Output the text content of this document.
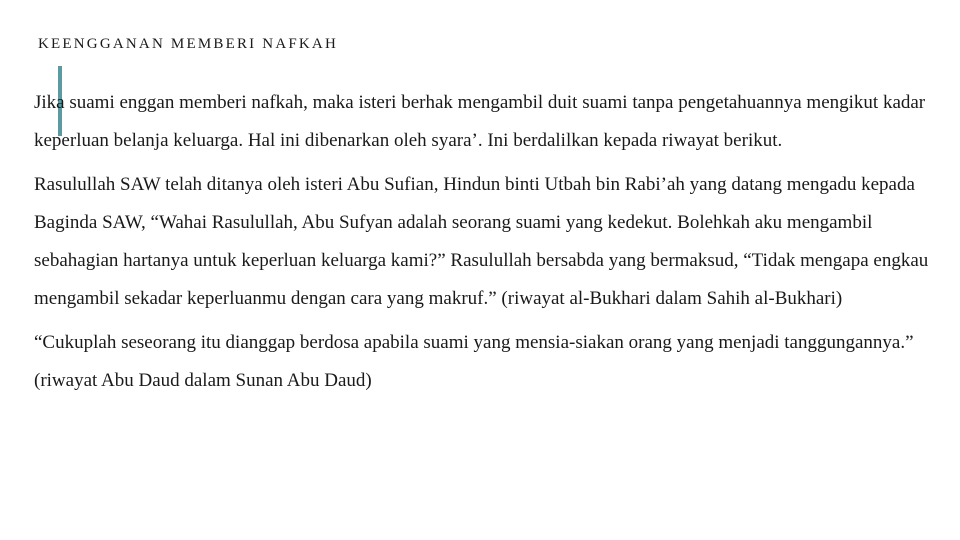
KEENGGANAN MEMBERI NAFKAH

Jika suami enggan memberi nafkah, maka isteri berhak mengambil duit suami tanpa pengetahuannya mengikut kadar keperluan belanja keluarga. Hal ini dibenarkan oleh syara’. Ini berdalilkan kepada riwayat berikut.

Rasulullah SAW telah ditanya oleh isteri Abu Sufian, Hindun binti Utbah bin Rabi’ah yang datang mengadu kepada Baginda SAW, “Wahai Rasulullah, Abu Sufyan adalah seorang suami yang kedekut. Bolehkah aku mengambil sebahagian hartanya untuk keperluan keluarga kami?” Rasulullah bersabda yang bermaksud, “Tidak mengapa engkau mengambil sekadar keperluanmu dengan cara yang makruf.” (riwayat al-Bukhari dalam Sahih al-Bukhari)

“Cukuplah seseorang itu dianggap berdosa apabila suami yang mensia-siakan orang yang menjadi tanggungannya.” (riwayat Abu Daud dalam Sunan Abu Daud)
